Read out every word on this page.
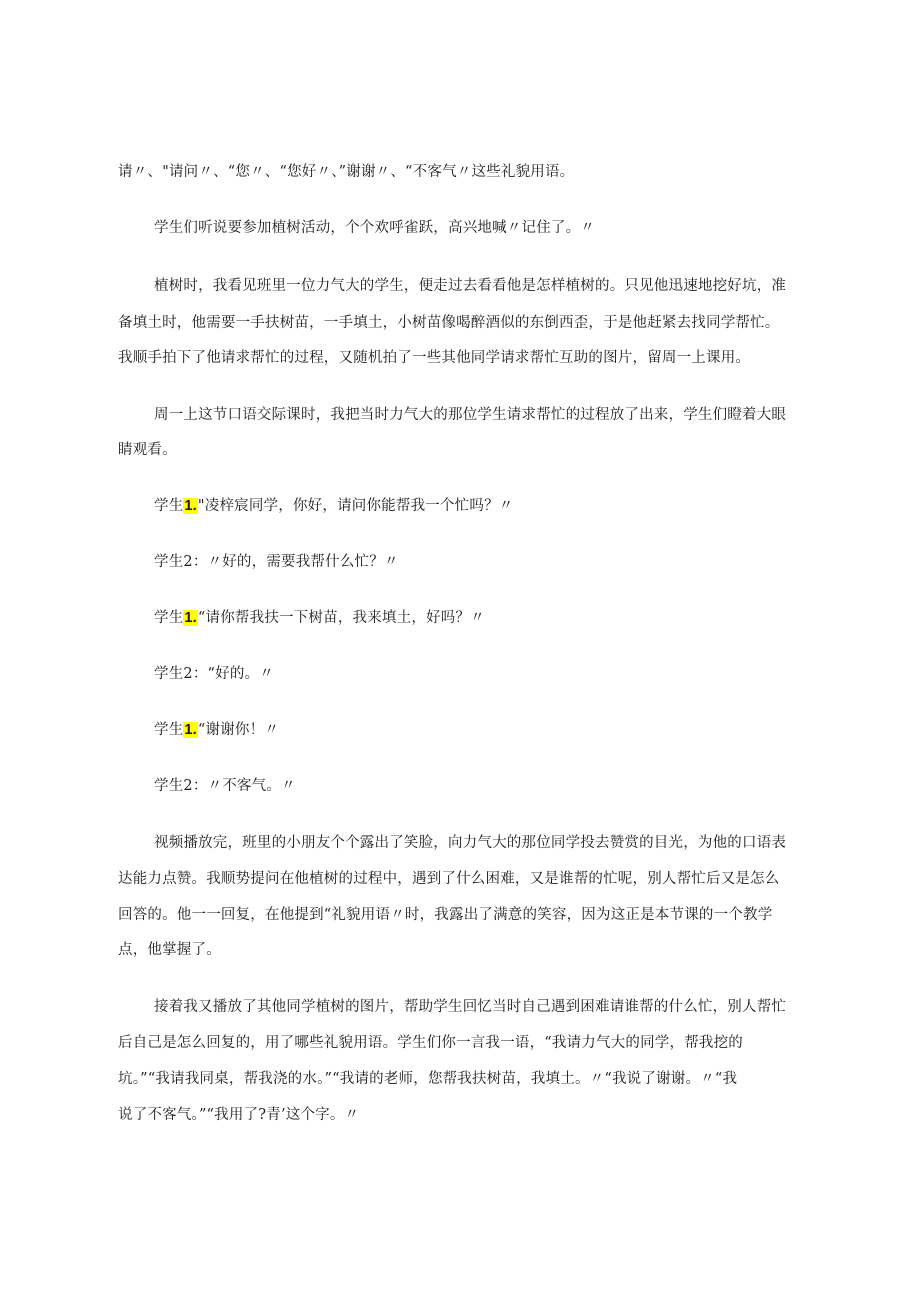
请〃、"请问〃、“您〃、“您好〃、”谢谢〃、“不客气〃这些礼貌用语。
学生们听说要参加植树活动，个个欢呼雀跃，高兴地喊〃记住了。〃
植树时，我看见班里一位力气大的学生，便走过去看看他是怎样植树的。只见他迅速地挖好坑，准
备填土时，他需要一手扶树苗，一手填土，小树苗像喝醉酒似的东倒西歪，于是他赶紧去找同学帮忙。
我顺手拍下了他请求帮忙的过程，又随机拍了一些其他同学请求帮忙互助的图片，留周一上课用。
周一上这节口语交际课时，我把当时力气大的那位学生请求帮忙的过程放了出来，学生们瞪着大眼
睛观看。
学生1."凌梓宸同学，你好，请问你能帮我一个忙吗？〃
学生2：〃好的，需要我帮什么忙？〃
学生1.“请你帮我扶一下树苗，我来填土，好吗？〃
学生2：“好的。〃
学生1.“谢谢你！〃
学生2：〃不客气。〃
视频播放完，班里的小朋友个个露出了笑脸，向力气大的那位同学投去赞赏的目光，为他的口语表
达能力点赞。我顺势提问在他植树的过程中，遇到了什么困难，又是谁帮的忙呢，别人帮忙后又是怎么
回答的。他一一回复，在他提到“礼貌用语〃时，我露出了满意的笑容，因为这正是本节课的一个教学
点，他掌握了。
接着我又播放了其他同学植树的图片，帮助学生回忆当时自己遇到困难请谁帮的什么忙，别人帮忙
后自己是怎么回复的，用了哪些礼貌用语。学生们你一言我一语，“我请力气大的同学，帮我挖的
坑。”“我请我同桌，帮我浇的水。”“我请的老师，您帮我扶树苗，我填土。〃“我说了谢谢。〃“我
说了不客气。”“我用了?青’这个字。〃
